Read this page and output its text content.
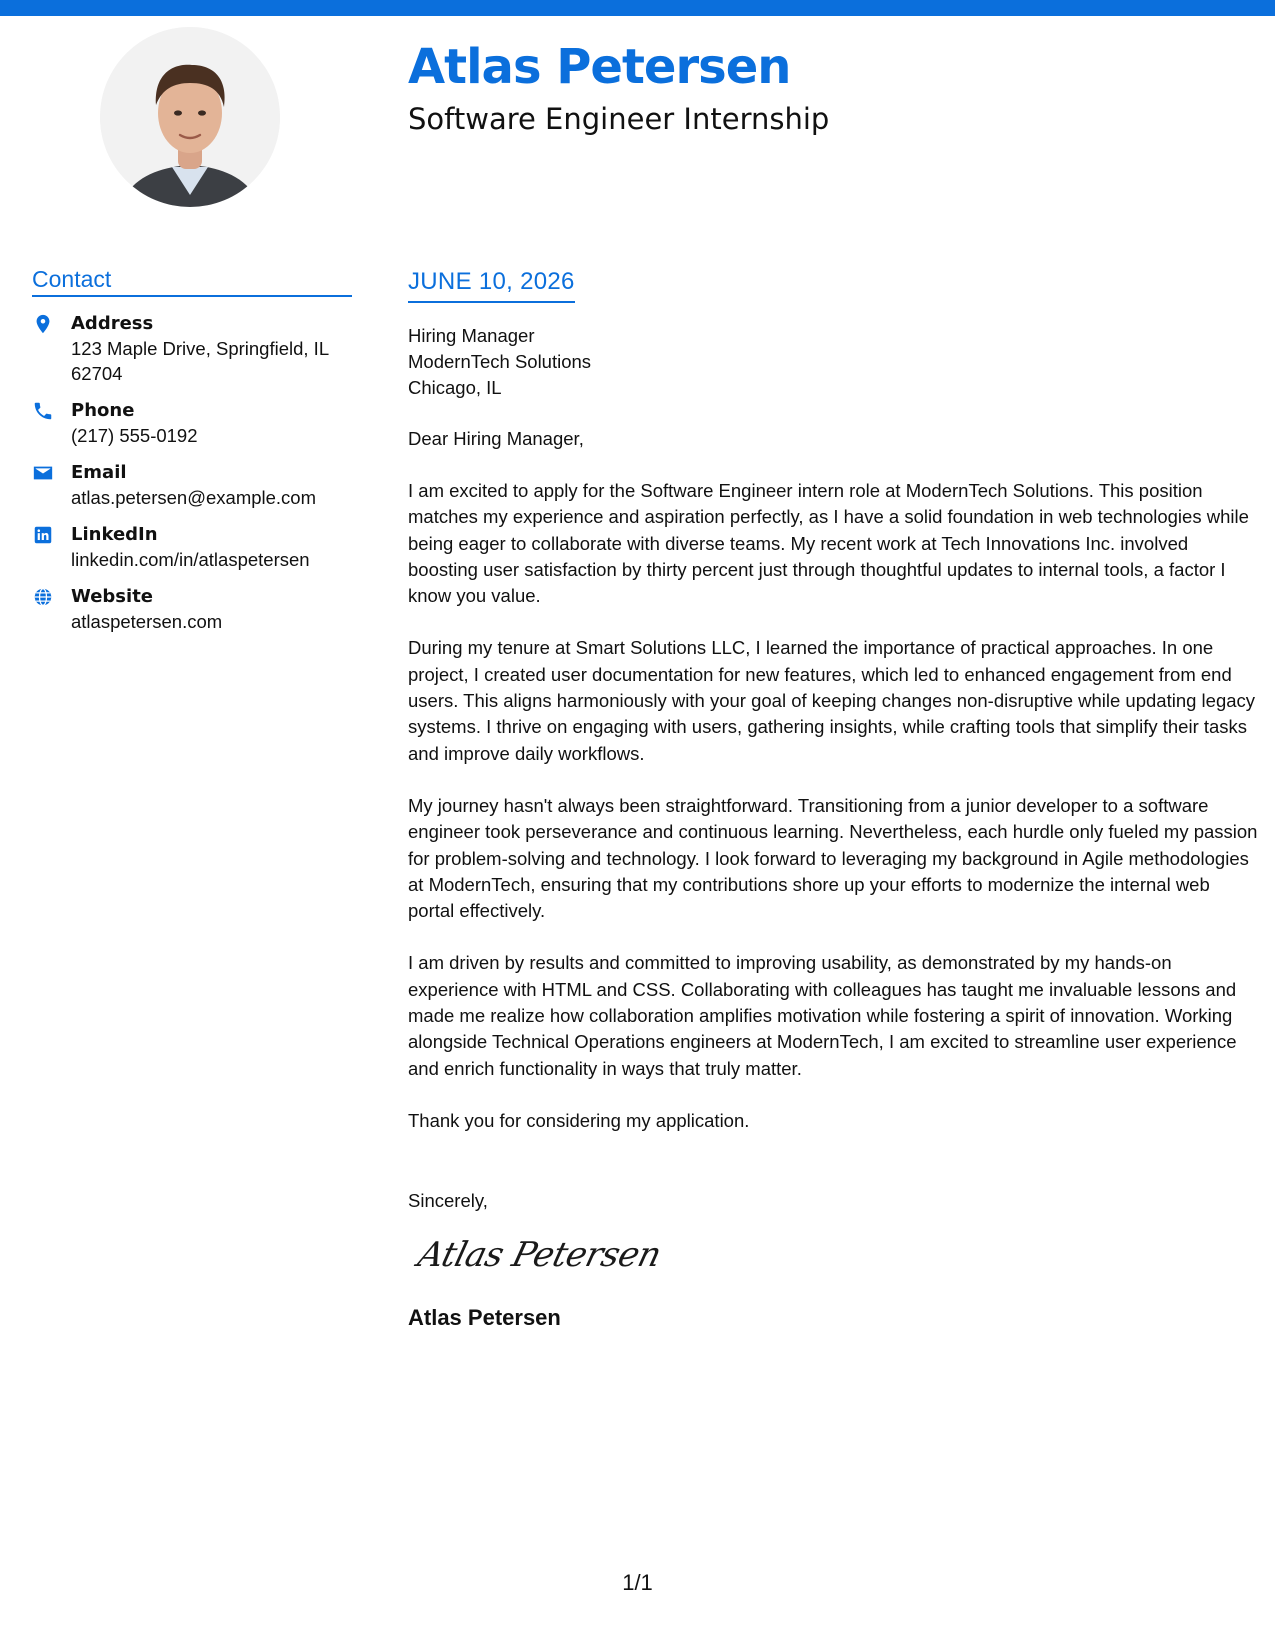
Atlas Petersen
Software Engineer Internship
Contact
Address
123 Maple Drive, Springfield, IL 62704
Phone
(217) 555-0192
Email
atlas.petersen@example.com
LinkedIn
linkedin.com/in/atlaspetersen
Website
atlaspetersen.com
JUNE 10, 2026
Hiring Manager
ModernTech Solutions
Chicago, IL

Dear Hiring Manager,

I am excited to apply for the Software Engineer intern role at ModernTech Solutions. This position matches my experience and aspiration perfectly, as I have a solid foundation in web technologies while being eager to collaborate with diverse teams. My recent work at Tech Innovations Inc. involved boosting user satisfaction by thirty percent just through thoughtful updates to internal tools, a factor I know you value.

During my tenure at Smart Solutions LLC, I learned the importance of practical approaches. In one project, I created user documentation for new features, which led to enhanced engagement from end users. This aligns harmoniously with your goal of keeping changes non-disruptive while updating legacy systems. I thrive on engaging with users, gathering insights, while crafting tools that simplify their tasks and improve daily workflows.

My journey hasn't always been straightforward. Transitioning from a junior developer to a software engineer took perseverance and continuous learning. Nevertheless, each hurdle only fueled my passion for problem-solving and technology. I look forward to leveraging my background in Agile methodologies at ModernTech, ensuring that my contributions shore up your efforts to modernize the internal web portal effectively.

I am driven by results and committed to improving usability, as demonstrated by my hands-on experience with HTML and CSS. Collaborating with colleagues has taught me invaluable lessons and made me realize how collaboration amplifies motivation while fostering a spirit of innovation. Working alongside Technical Operations engineers at ModernTech, I am excited to streamline user experience and enrich functionality in ways that truly matter.

Thank you for considering my application.

Sincerely,

Atlas Petersen
Atlas Petersen
1/1
